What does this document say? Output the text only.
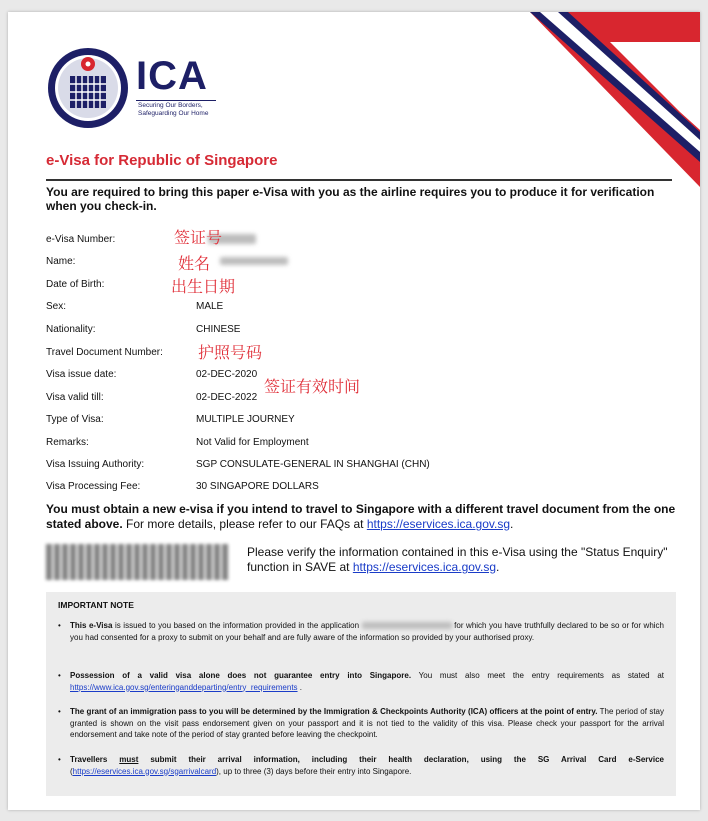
ICA
Securing Our Borders,
Safeguarding Our Home
e-Visa for Republic of Singapore
You are required to bring this paper e-Visa with you as the airline requires you to produce it for verification when you check-in.
e-Visa Number:
Name:
Date of Birth:
Sex:	MALE
Nationality:	CHINESE
Travel Document Number:
Visa issue date:	02-DEC-2020
Visa valid till:	02-DEC-2022
Type of Visa:	MULTIPLE JOURNEY
Remarks:	Not Valid for Employment
Visa Issuing Authority:	SGP CONSULATE-GENERAL IN SHANGHAI (CHN)
Visa Processing Fee:	30 SINGAPORE DOLLARS
签证号
姓名
出生日期
护照号码
签证有效时间
You must obtain a new e-visa if you intend to travel to Singapore with a different travel document from the one stated above. For more details, please refer to our FAQs at https://eservices.ica.gov.sg.
Please verify the information contained in this e-Visa using the "Status Enquiry" function in SAVE at https://eservices.ica.gov.sg.
IMPORTANT NOTE
• This e-Visa is issued to you based on the information provided in the application	for which you have truthfully declared to be so or for which you had consented for a proxy to submit on your behalf and are fully aware of the information so provided by your authorised proxy.
• Possession of a valid visa alone does not guarantee entry into Singapore. You must also meet the entry requirements as stated at https://www.ica.gov.sg/enteringanddeparting/entry_requirements .
• The grant of an immigration pass to you will be determined by the Immigration & Checkpoints Authority (ICA) officers at the point of entry. The period of stay granted is shown on the visit pass endorsement given on your passport and it is not tied to the validity of this visa. Please check your passport for the arrival endorsement and take note of the period of stay granted before leaving the checkpoint.
• Travellers must submit their arrival information, including their health declaration, using the SG Arrival Card e-Service (https://eservices.ica.gov.sg/sgarrivalcard), up to three (3) days before their entry into Singapore.
